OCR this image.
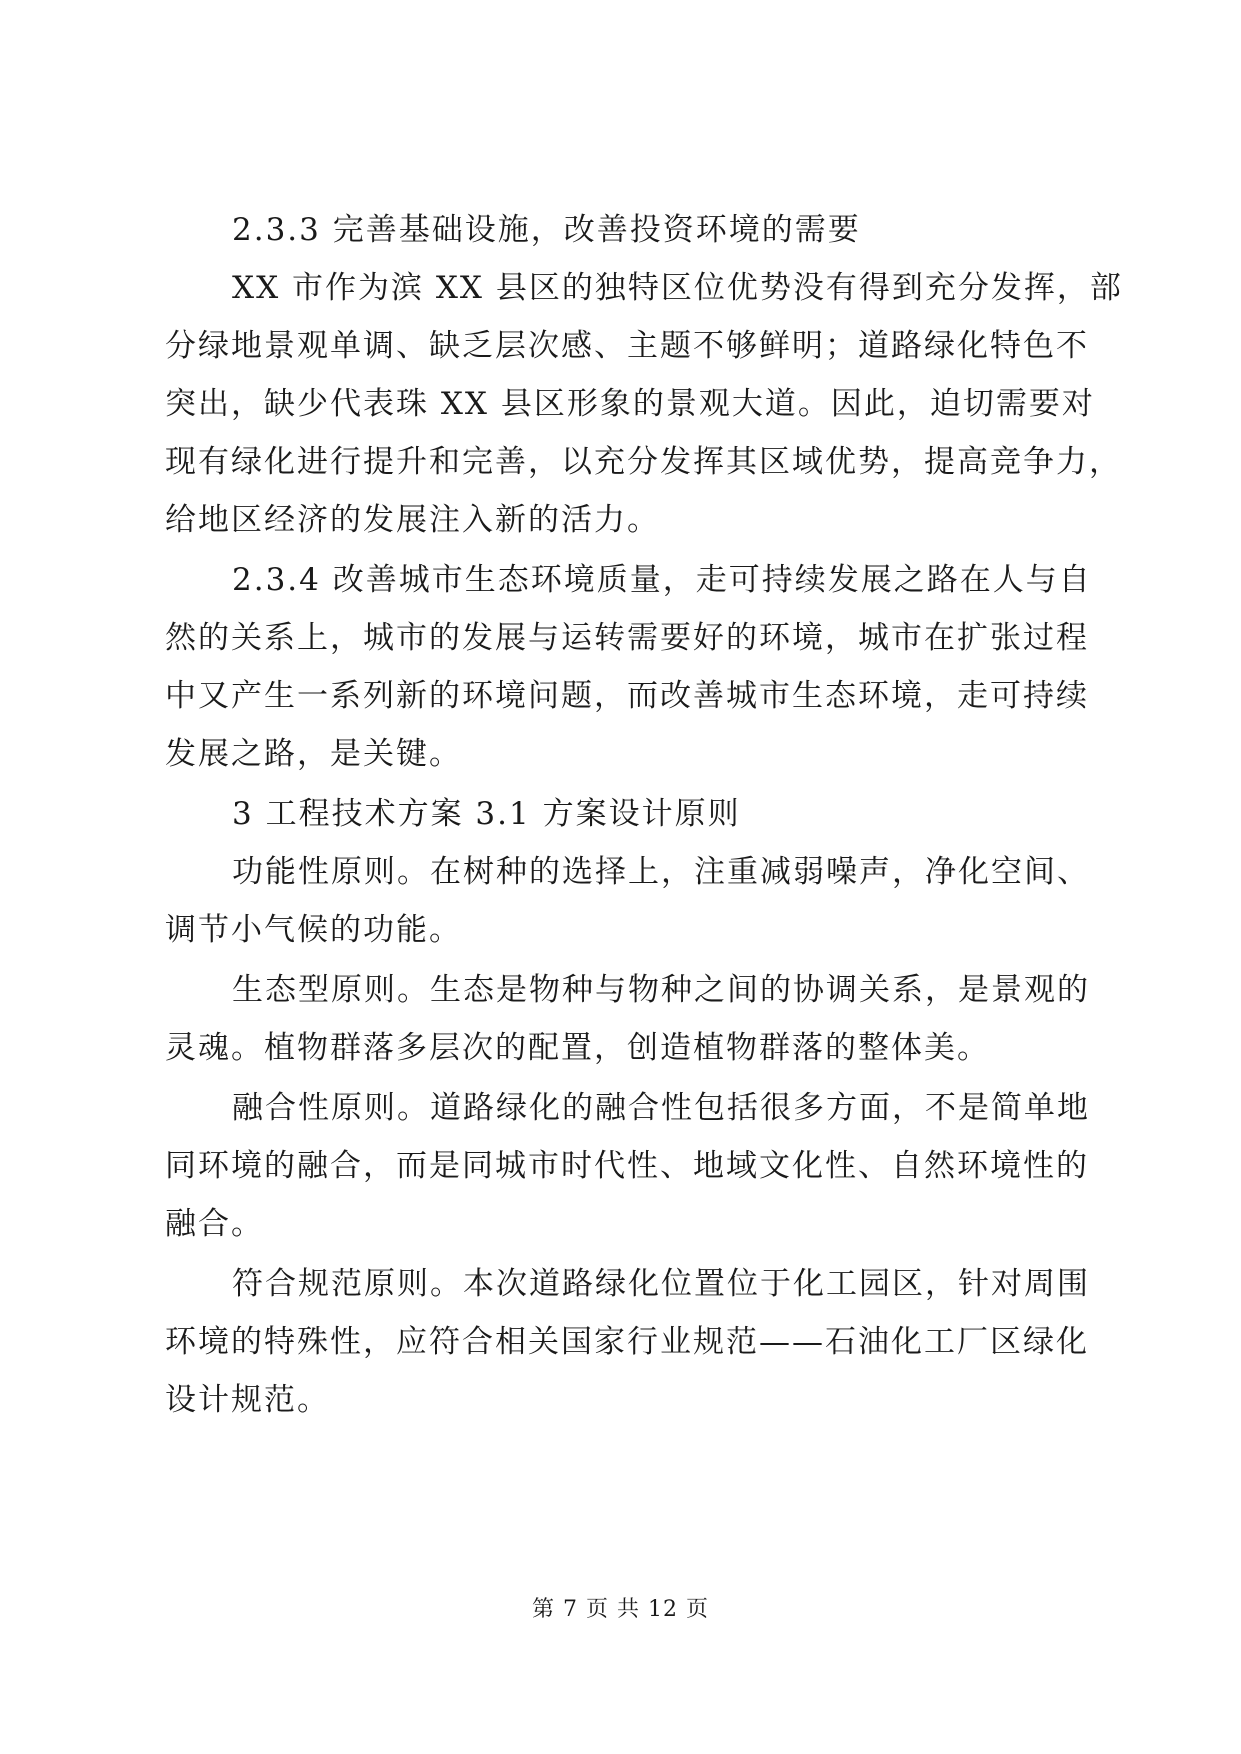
2.3.3 完善基础设施，改善投资环境的需要
XX 市作为滨 XX 县区的独特区位优势没有得到充分发挥，部
分绿地景观单调、缺乏层次感、主题不够鲜明；道路绿化特色不
突出，缺少代表珠 XX 县区形象的景观大道。因此，迫切需要对
现有绿化进行提升和完善，以充分发挥其区域优势，提高竞争力，
给地区经济的发展注入新的活力。
2.3.4 改善城市生态环境质量，走可持续发展之路在人与自
然的关系上，城市的发展与运转需要好的环境，城市在扩张过程
中又产生一系列新的环境问题，而改善城市生态环境，走可持续
发展之路，是关键。
3 工程技术方案 3.1 方案设计原则
功能性原则。在树种的选择上，注重减弱噪声，净化空间、
调节小气候的功能。
生态型原则。生态是物种与物种之间的协调关系，是景观的
灵魂。植物群落多层次的配置，创造植物群落的整体美。
融合性原则。道路绿化的融合性包括很多方面，不是简单地
同环境的融合，而是同城市时代性、地域文化性、自然环境性的
融合。
符合规范原则。本次道路绿化位置位于化工园区，针对周围
环境的特殊性，应符合相关国家行业规范——石油化工厂区绿化
设计规范。
第 7 页 共 12 页
